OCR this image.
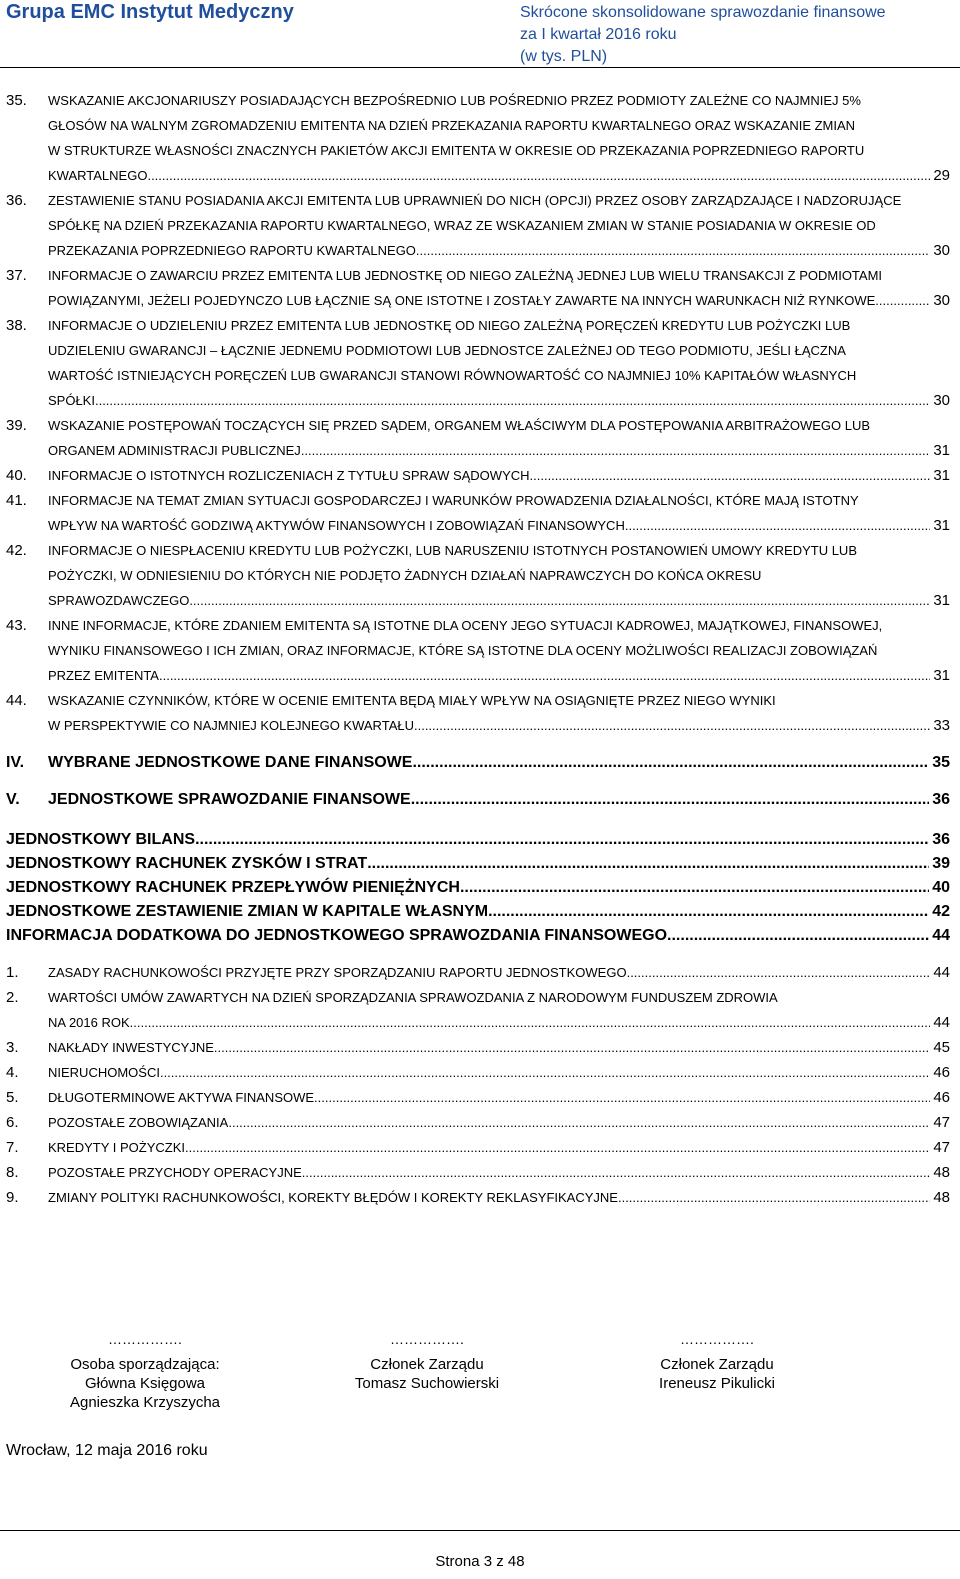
Grupa EMC Instytut Medyczny	Skrócone skonsolidowane sprawozdanie finansowe
za I kwartał 2016 roku
(w tys. PLN)
35.	WSKAZANIE AKCJONARIUSZY POSIADAJĄCYCH BEZPOŚREDNIO LUB POŚREDNIO PRZEZ PODMIOTY ZALEŻNE CO NAJMNIEJ 5%
GŁOSÓW NA WALNYM ZGROMADZENIU EMITENTA NA DZIEŃ PRZEKAZANIA RAPORTU KWARTALNEGO ORAZ WSKAZANIE ZMIAN
W STRUKTURZE WŁASNOŚCI ZNACZNYCH PAKIETÓW AKCJI EMITENTA W OKRESIE OD PRZEKAZANIA POPRZEDNIEGO RAPORTU
KWARTALNEGO. .....	29
36.	ZESTAWIENIE STANU POSIADANIA AKCJI EMITENTA LUB UPRAWNIEŃ DO NICH (OPCJI) PRZEZ OSOBY ZARZĄDZAJĄCE I NADZORUJĄCE
SPÓŁKĘ NA DZIEŃ PRZEKAZANIA RAPORTU KWARTALNEGO, WRAZ ZE WSKAZANIEM ZMIAN W STANIE POSIADANIA W OKRESIE OD
PRZEKAZANIA POPRZEDNIEGO RAPORTU KWARTALNEGO. .....	30
37.	INFORMACJE O ZAWARCIU PRZEZ EMITENTA LUB JEDNOSTKĘ OD NIEGO ZALEŻNĄ JEDNEJ LUB WIELU TRANSAKCJI Z PODMIOTAMI
POWIĄZANYMI, JEŻELI POJEDYNCZO LUB ŁĄCZNIE SĄ ONE ISTOTNE I ZOSTAŁY ZAWARTE NA INNYCH WARUNKACH NIŻ RYNKOWE. .....	30
38.	INFORMACJE O UDZIELENIU PRZEZ EMITENTA LUB JEDNOSTKĘ OD NIEGO ZALEŻNĄ PORĘCZEŃ KREDYTU LUB POŻYCZKI LUB
UDZIELENIU GWARANCJI – ŁĄCZNIE JEDNEMU PODMIOTOWI LUB JEDNOSTCE ZALEŻNEJ OD TEGO PODMIOTU, JEŚLI ŁĄCZNA
WARTOŚĆ ISTNIEJĄCYCH PORĘCZEŃ LUB GWARANCJI STANOWI RÓWNOWARTOŚĆ CO NAJMNIEJ 10% KAPITAŁÓW WŁASNYCH
SPÓŁKI .....	30
39.	WSKAZANIE POSTĘPOWAŃ TOCZĄCYCH SIĘ PRZED SĄDEM, ORGANEM WŁAŚCIWYM DLA POSTĘPOWANIA ARBITRAŻOWEGO LUB
ORGANEM ADMINISTRACJI PUBLICZNEJ .....	31
40.	INFORMACJE O ISTOTNYCH ROZLICZENIACH Z TYTUŁU SPRAW SĄDOWYCH .....	31
41.	INFORMACJE NA TEMAT ZMIAN SYTUACJI GOSPODARCZEJ I WARUNKÓW PROWADZENIA DZIAŁALNOŚCI, KTÓRE MAJĄ ISTOTNY
WPŁYW NA WARTOŚĆ GODZIWĄ AKTYWÓW FINANSOWYCH I ZOBOWIĄZAŃ FINANSOWYCH .....	31
42.	INFORMACJE O NIESPŁACENIU KREDYTU LUB POŻYCZKI, LUB NARUSZENIU ISTOTNYCH POSTANOWIEŃ UMOWY KREDYTU LUB
POŻYCZKI, W ODNIESIENIU DO KTÓRYCH NIE PODJĘTO ŻADNYCH DZIAŁAŃ NAPRAWCZYCH DO KOŃCA OKRESU
SPRAWOZDAWCZEGO .....	31
43.	INNE INFORMACJE, KTÓRE ZDANIEM EMITENTA SĄ ISTOTNE DLA OCENY JEGO SYTUACJI KADROWEJ, MAJĄTKOWEJ, FINANSOWEJ,
WYNIKU FINANSOWEGO I ICH ZMIAN, ORAZ INFORMACJE, KTÓRE SĄ ISTOTNE DLA OCENY MOŻLIWOŚCI REALIZACJI ZOBOWIĄZAŃ
PRZEZ EMITENTA .....	31
44.	WSKAZANIE CZYNNIKÓW, KTÓRE W OCENIE EMITENTA BĘDĄ MIAŁY WPŁYW NA OSIĄGNIĘTE PRZEZ NIEGO WYNIKI
W PERSPEKTYWIE CO NAJMNIEJ KOLEJNEGO KWARTAŁU. .....	33
IV.	WYBRANE JEDNOSTKOWE DANE FINANSOWE .....	35
V.	JEDNOSTKOWE SPRAWOZDANIE FINANSOWE .....	36
JEDNOSTKOWY BILANS .....	36
JEDNOSTKOWY RACHUNEK ZYSKÓW I STRAT .....	39
JEDNOSTKOWY RACHUNEK PRZEPŁYWÓW PIENIĘŻNYCH .....	40
JEDNOSTKOWE ZESTAWIENIE ZMIAN W KAPITALE WŁASNYM .....	42
INFORMACJA DODATKOWA DO JEDNOSTKOWEGO SPRAWOZDANIA FINANSOWEGO .....	44
1.	ZASADY RACHUNKOWOŚCI PRZYJĘTE PRZY SPORZĄDZANIU RAPORTU JEDNOSTKOWEGO .....	44
2.	WARTOŚCI UMÓW ZAWARTYCH NA DZIEŃ SPORZĄDZANIA SPRAWOZDANIA Z NARODOWYM FUNDUSZEM ZDROWIA
NA 2016 ROK .....	44
3.	NAKŁADY INWESTYCYJNE .....	45
4.	NIERUCHOMOŚCI .....	46
5.	DŁUGOTERMINOWE AKTYWA FINANSOWE .....	46
6.	POZOSTAŁE ZOBOWIĄZANIA .....	47
7.	KREDYTY I POŻYCZKI .....	47
8.	POZOSTAŁE PRZYCHODY OPERACYJNE .....	48
9.	ZMIANY POLITYKI RACHUNKOWOŚCI, KOREKTY BŁĘDÓW I KOREKTY REKLASYFIKACYJNE .....	48
…………….
Osoba sporządzająca:
Główna Księgowa
Agnieszka Krzyszycha
…………….
Członek Zarządu
Tomasz Suchowierski
…………….
Członek Zarządu
Ireneusz Pikulicki
Wrocław, 12 maja 2016 roku
Strona 3 z 48
